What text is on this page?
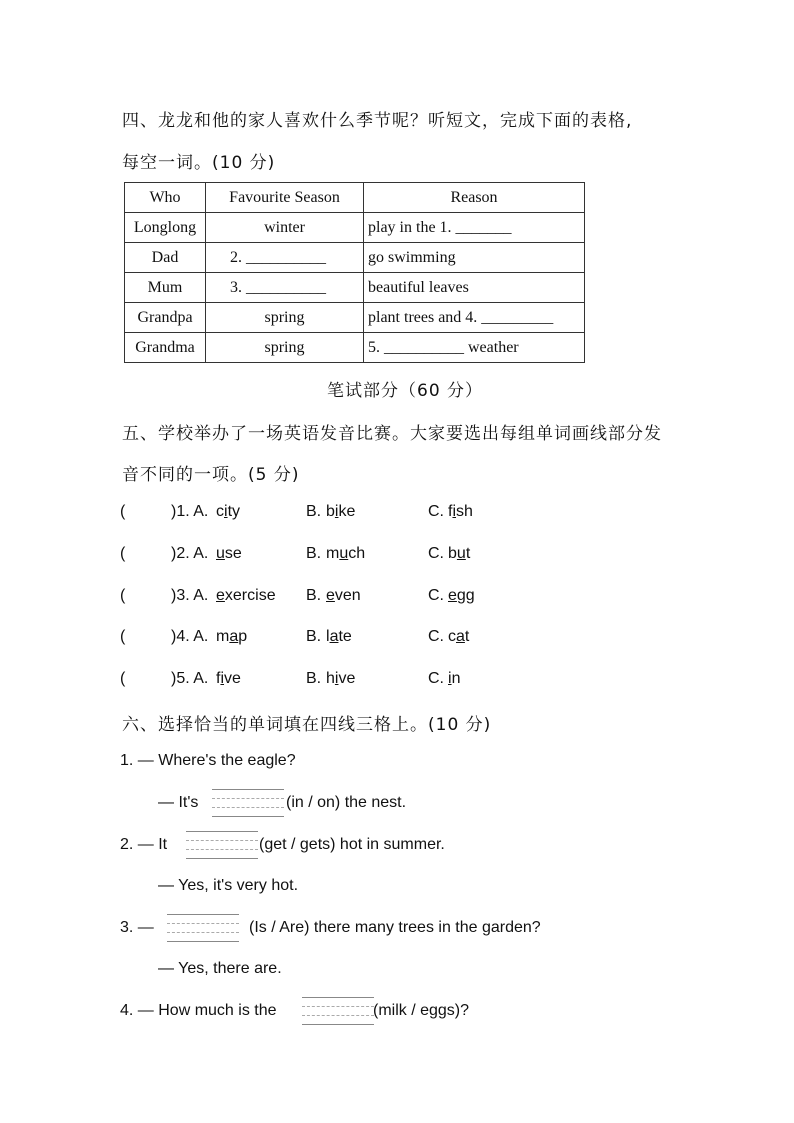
四、龙龙和他的家人喜欢什么季节呢？听短文，完成下面的表格,
每空一词。(10 分)
Who	Favourite Season	Reason
Longlong	winter	play in the 1. _______
Dad	2. __________	go swimming
Mum	3. __________	beautiful leaves
Grandpa	spring	plant trees and 4. _________
Grandma	spring	5. __________ weather
笔试部分（60 分）
五、学校举办了一场英语发音比赛。大家要选出每组单词画线部分发
音不同的一项。(5 分)
(	)1. A. city	B. bike	C. fish
(	)2. A. use	B. much	C. but
(	)3. A. exercise B. even	C. egg
(	)4. A. map	B. late	C. cat
(	)5. A. five	B. hive	C. in
六、选择恰当的单词填在四线三格上。(10 分)
1. — Where's the eagle?
— It's	(in / on) the nest.
2. — It	(get / gets) hot in summer.
— Yes, it's very hot.
3. —	(Is / Are) there many trees in the garden?
— Yes, there are.
4. — How much is the	(milk / eggs)?
